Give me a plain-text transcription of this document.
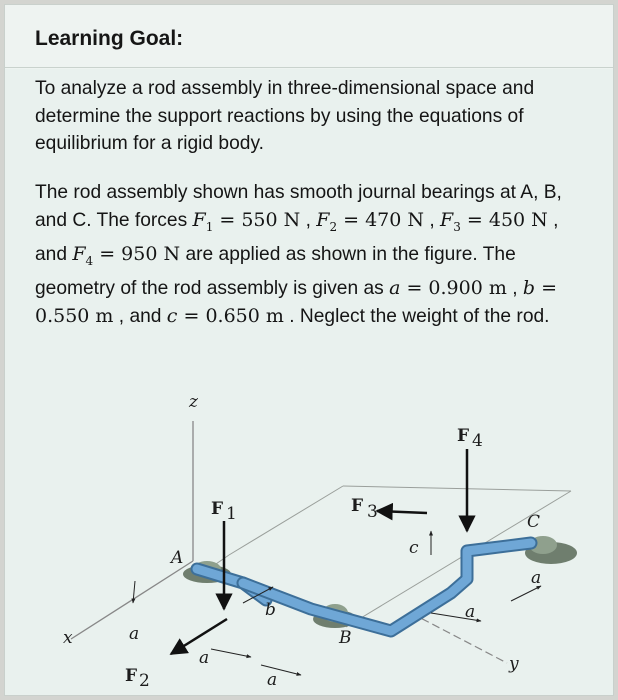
Learning Goal:

To analyze a rod assembly in three-dimensional space and determine the support reactions by using the equations of equilibrium for a rigid body.

The rod assembly shown has smooth journal bearings at A, B, and C. The forces $F_1 = 550$ N , $F_2 = 470$ N , $F_3 = 450$ N , and $F_4 = 950$ N are applied as shown in the figure. The geometry of the rod assembly is given as a = 0.900 m , b = 0.550 m , and c = 0.650 m . Neglect the weight of the rod.

F 1
F 2
F 3
F 4
z
x
y
A
B
C
a
a
a
a
a
b
c
